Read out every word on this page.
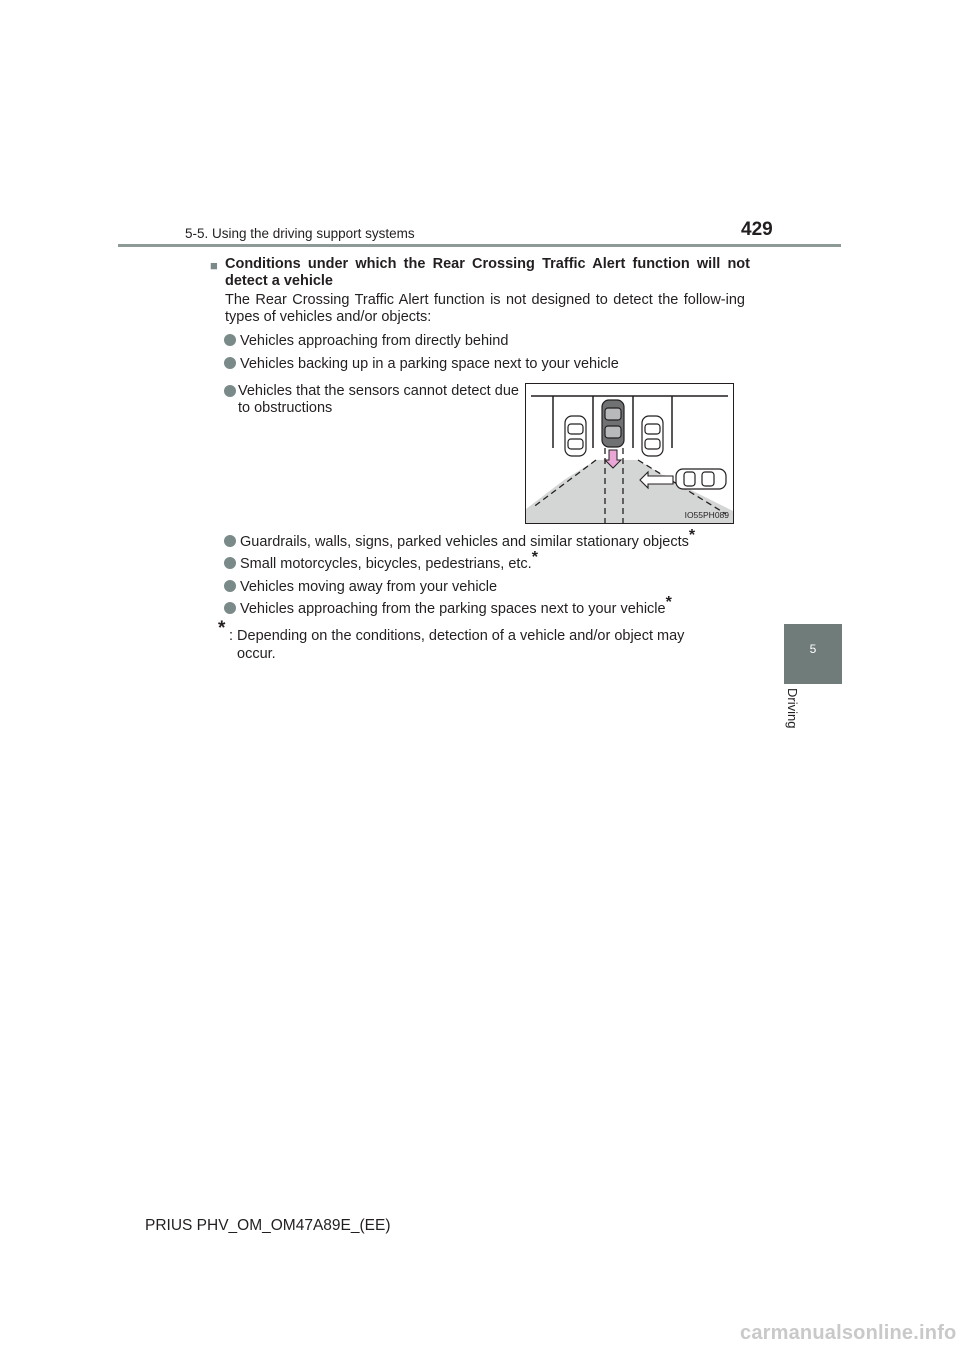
5-5. Using the driving support systems	429
5
Driving
■ Conditions under which the Rear Crossing Traffic Alert function will not detect a vehicle
The Rear Crossing Traffic Alert function is not designed to detect the follow-ing types of vehicles and/or objects:
Vehicles approaching from directly behind
Vehicles backing up in a parking space next to your vehicle
Vehicles that the sensors cannot detect due to obstructions
IO55PH089
Guardrails, walls, signs, parked vehicles and similar stationary objects*
Small motorcycles, bicycles, pedestrians, etc.*
Vehicles moving away from your vehicle
Vehicles approaching from the parking spaces next to your vehicle*
* : Depending on the conditions, detection of a vehicle and/or object may
occur.
PRIUS PHV_OM_OM47A89E_(EE)
carmanualsonline.info
